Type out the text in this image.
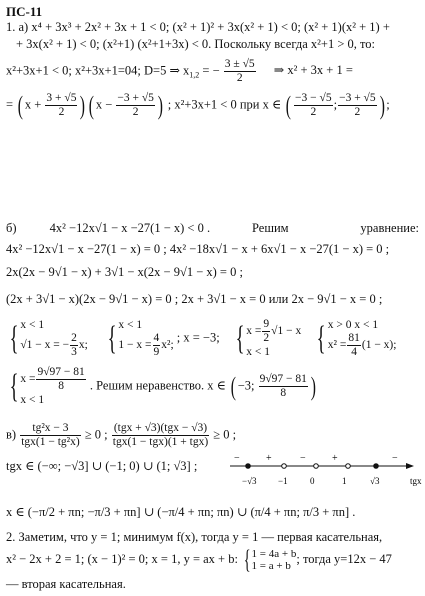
ПС-11
1. а) x⁴ + 3x³ + 2x² + 3x + 1 < 0; (x² + 1)² + 3x(x² + 1) < 0; (x² + 1)(x² + 1) +
+ 3x(x² + 1) < 0; (x²+1) (x²+1+3x) < 0. Поскольку всегда x²+1 > 0, то:
x²+3x+1 < 0; x²+3x+1=04; D=5 ⇒ $x_{1,2}$ = − $\frac{3 \pm √5}{2}$ ⇒ x² + 3x + 1 =
= ( $x + \frac{3 + √5}{2}$ ) ( $x - \frac{-3 + √5}{2}$ ) ; x²+3x+1 < 0 при x ∈ ( $\frac{-3 - √5}{2}$ ; $\frac{-3 + √5}{2}$ ) ;
б)	4x² −12x√1 − x −27(1 − x) < 0 .	Решим	уравнение:
4x² −12x√1 − x −27(1 − x) = 0 ; 4x² −18x√1 − x + 6x√1 − x −27(1 − x) = 0 ;
2x(2x − 9√1 − x) + 3√1 − x(2x − 9√1 − x) = 0 ;
(2x + 3√1 − x)(2x − 9√1 − x) = 0 ; 2x + 3√1 − x = 0 или 2x − 9√1 − x = 0 ;
{ x < 1
√1 − x = − $\frac{2}{3} x$;  { x < 1
$1 - x = \frac{4}{9} x^2$; ; x = −3; { $x = \frac{9}{2} √1 - x$
x < 1 { x > 0 x < 1
$x^2 = \frac{81}{4} (1 - x)$;
{ $x = \frac{9√97 - 81}{8}$

x < 1 . Решим неравенство. x ∈ ( −3; $\frac{9√97 - 81}{8}$ )
в)	tg²x − 3
tgx(1 − tg²x)
≥ 0 ; (tgx + √3)(tgx − √3)
tgx(1 − tgx)(1 + tgx)
≥ 0 ;
tgx ∈ (−∞; −√3] ∪ (−1; 0) ∪ (1; √3] ;
−√3 −1 0	1	√3
−	+	−	+	−
tgx
x ∈ (−π/2 + πn; −π/3 + πn] ∪ (−π/4 + πn; πn) ∪ (π/4 + πn; π/3 + πn] .
2. Заметим, что y = 1; минимум f(x), тогда y = 1 — первая касательная,
x² − 2x + 2 = 1; (x − 1)² = 0; x = 1, y = ax + b: {1 = 4a + b
1 = a + b; тогда y=12x − 47
— вторая касательная.
